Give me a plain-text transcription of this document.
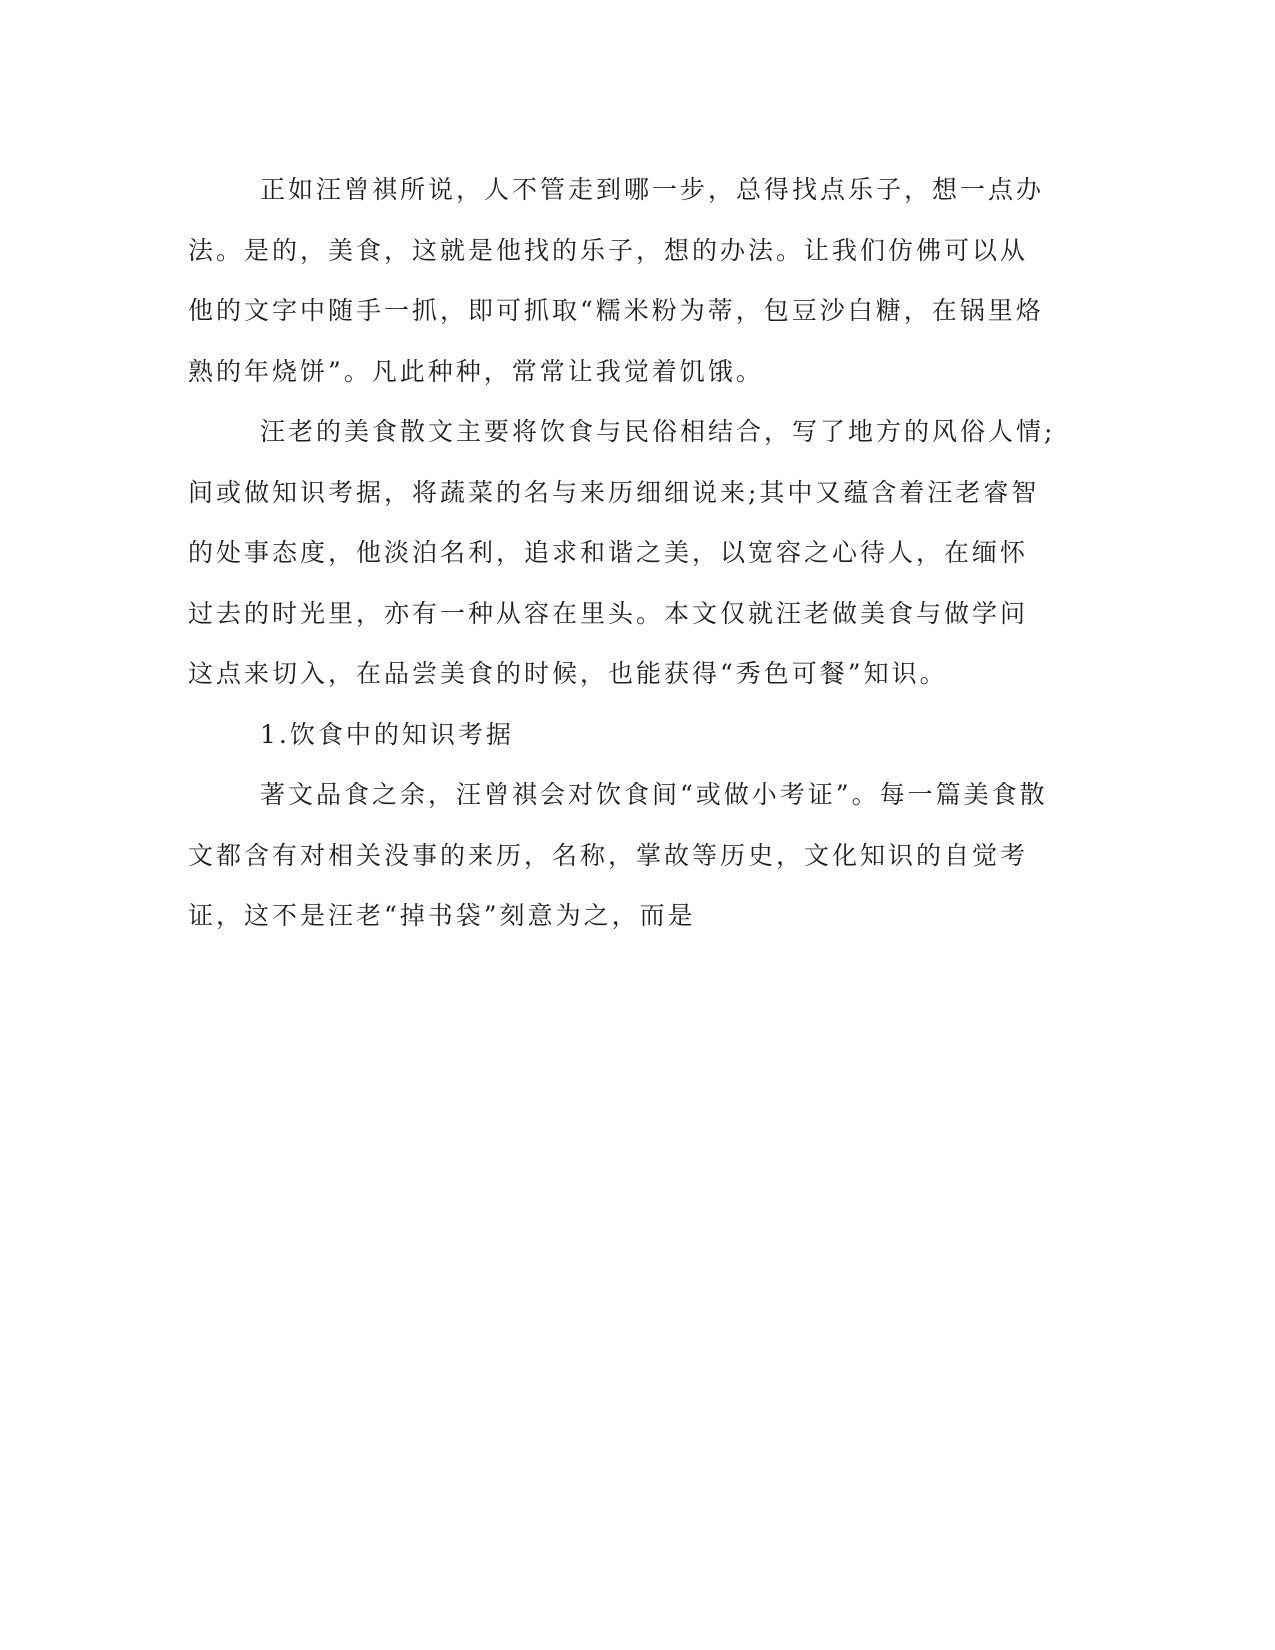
正如汪曾祺所说，人不管走到哪一步，总得找点乐子，想一点办
法。是的，美食，这就是他找的乐子，想的办法。让我们仿佛可以从
他的文字中随手一抓，即可抓取“糯米粉为蒂，包豆沙白糖，在锅里烙
熟的年烧饼”。凡此种种，常常让我觉着饥饿。
汪老的美食散文主要将饮食与民俗相结合，写了地方的风俗人情;
间或做知识考据，将蔬菜的名与来历细细说来;其中又蕴含着汪老睿智
的处事态度，他淡泊名利，追求和谐之美，以宽容之心待人，在缅怀
过去的时光里，亦有一种从容在里头。本文仅就汪老做美食与做学问
这点来切入，在品尝美食的时候，也能获得“秀色可餐”知识。
1.饮食中的知识考据
著文品食之余，汪曾祺会对饮食间“或做小考证”。每一篇美食散
文都含有对相关没事的来历，名称，掌故等历史，文化知识的自觉考
证，这不是汪老“掉书袋”刻意为之，而是
